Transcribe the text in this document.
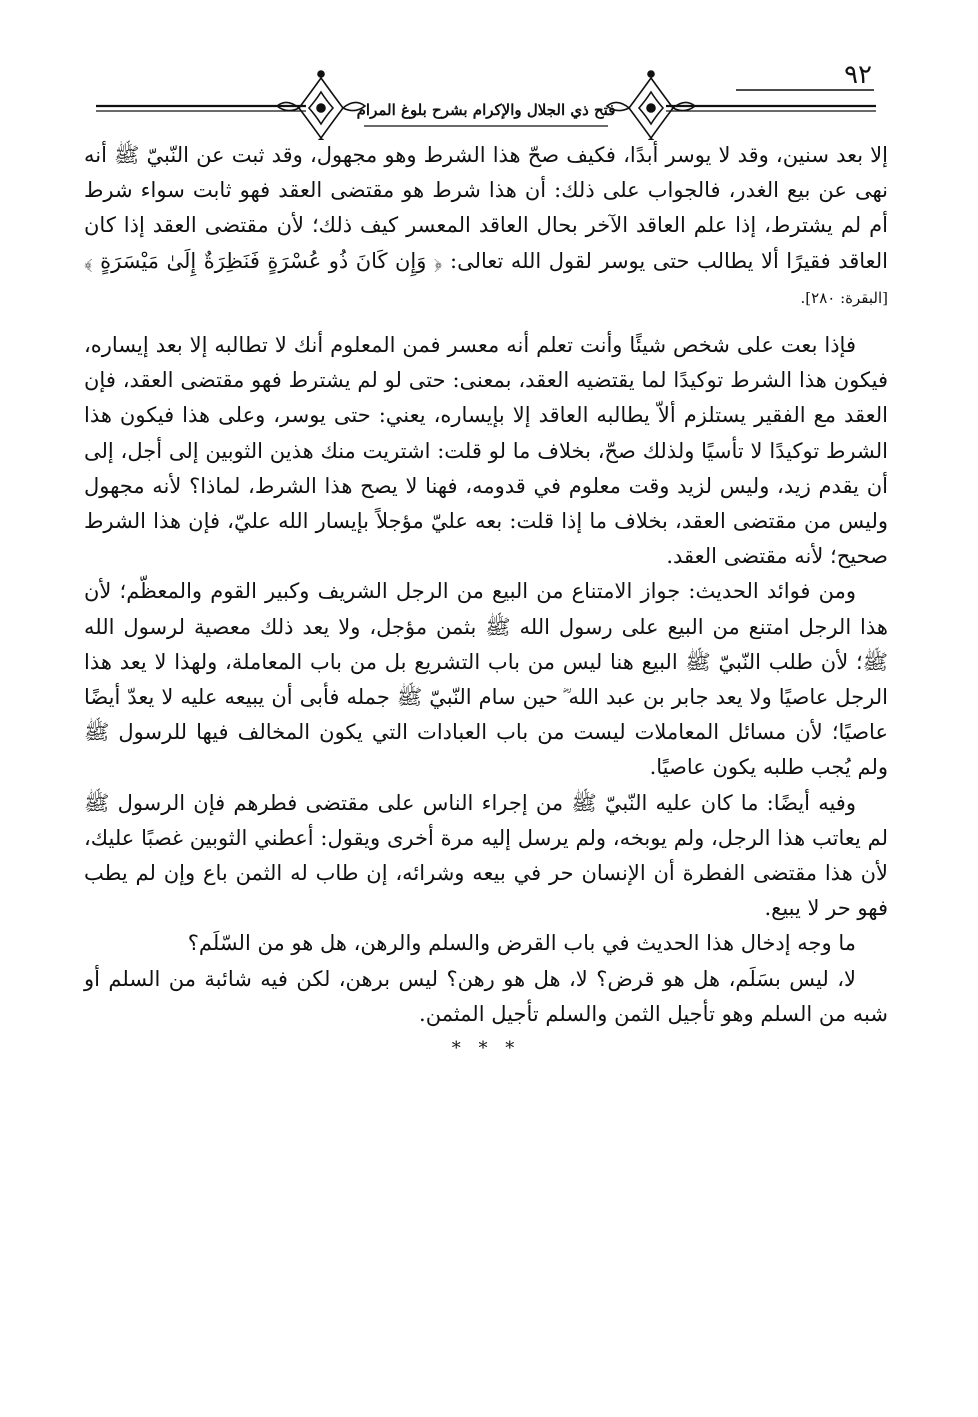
٩٢
فتح ذي الجلال والإكرام بشرح بلوغ المرام

إلا بعد سنين، وقد لا يوسر أبدًا، فكيف صحّ هذا الشرط وهو مجهول، وقد ثبت عن النّبيّ ﷺ أنه نهى عن بيع الغدر، فالجواب على ذلك: أن هذا شرط هو مقتضى العقد فهو ثابت سواء شرط أم لم يشترط، إذا علم العاقد الآخر بحال العاقد المعسر كيف ذلك؛ لأن مقتضى العقد إذا كان العاقد فقيرًا ألا يطالب حتى يوسر لقول الله تعالى: ﴿ وَإِن كَانَ ذُو عُسْرَةٍ فَنَظِرَةٌ إِلَىٰ مَيْسَرَةٍ ﴾ [البقرة: ٢٨٠].

فإذا بعت على شخص شيئًا وأنت تعلم أنه معسر فمن المعلوم أنك لا تطالبه إلا بعد إيساره، فيكون هذا الشرط توكيدًا لما يقتضيه العقد، بمعنى: حتى لو لم يشترط فهو مقتضى العقد، فإن العقد مع الفقير يستلزم ألاّ يطالبه العاقد إلا بإيساره، يعني: حتى يوسر، وعلى هذا فيكون هذا الشرط توكيدًا لا تأسيًا ولذلك صحّ، بخلاف ما لو قلت: اشتريت منك هذين الثوبين إلى أجل، إلى أن يقدم زيد، وليس لزيد وقت معلوم في قدومه، فهنا لا يصح هذا الشرط، لماذا؟ لأنه مجهول وليس من مقتضى العقد، بخلاف ما إذا قلت: بعه عليّ مؤجلاً بإيسار الله عليّ، فإن هذا الشرط صحيح؛ لأنه مقتضى العقد.

ومن فوائد الحديث: جواز الامتناع من البيع من الرجل الشريف وكبير القوم والمعظّم؛ لأن هذا الرجل امتنع من البيع على رسول الله ﷺ بثمن مؤجل، ولا يعد ذلك معصية لرسول الله ﷺ؛ لأن طلب النّبيّ ﷺ البيع هنا ليس من باب التشريع بل من باب المعاملة، ولهذا لا يعد هذا الرجل عاصيًا ولا يعد جابر بن عبد الله ؓ حين سام النّبيّ ﷺ جمله فأبى أن يبيعه عليه لا يعدّ أيضًا عاصيًا؛ لأن مسائل المعاملات ليست من باب العبادات التي يكون المخالف فيها للرسول ﷺ ولم يُجب طلبه يكون عاصيًا.

وفيه أيضًا: ما كان عليه النّبيّ ﷺ من إجراء الناس على مقتضى فطرهم فإن الرسول ﷺ لم يعاتب هذا الرجل، ولم يوبخه، ولم يرسل إليه مرة أخرى ويقول: أعطني الثوبين غصبًا عليك، لأن هذا مقتضى الفطرة أن الإنسان حر في بيعه وشرائه، إن طاب له الثمن باع وإن لم يطب فهو حر لا يبيع.

ما وجه إدخال هذا الحديث في باب القرض والسلم والرهن، هل هو من السّلَم؟

لا، ليس بسَلَم، هل هو قرض؟ لا، هل هو رهن؟ ليس برهن، لكن فيه شائبة من السلم أو شبه من السلم وهو تأجيل الثمن والسلم تأجيل المثمن.

* * *
